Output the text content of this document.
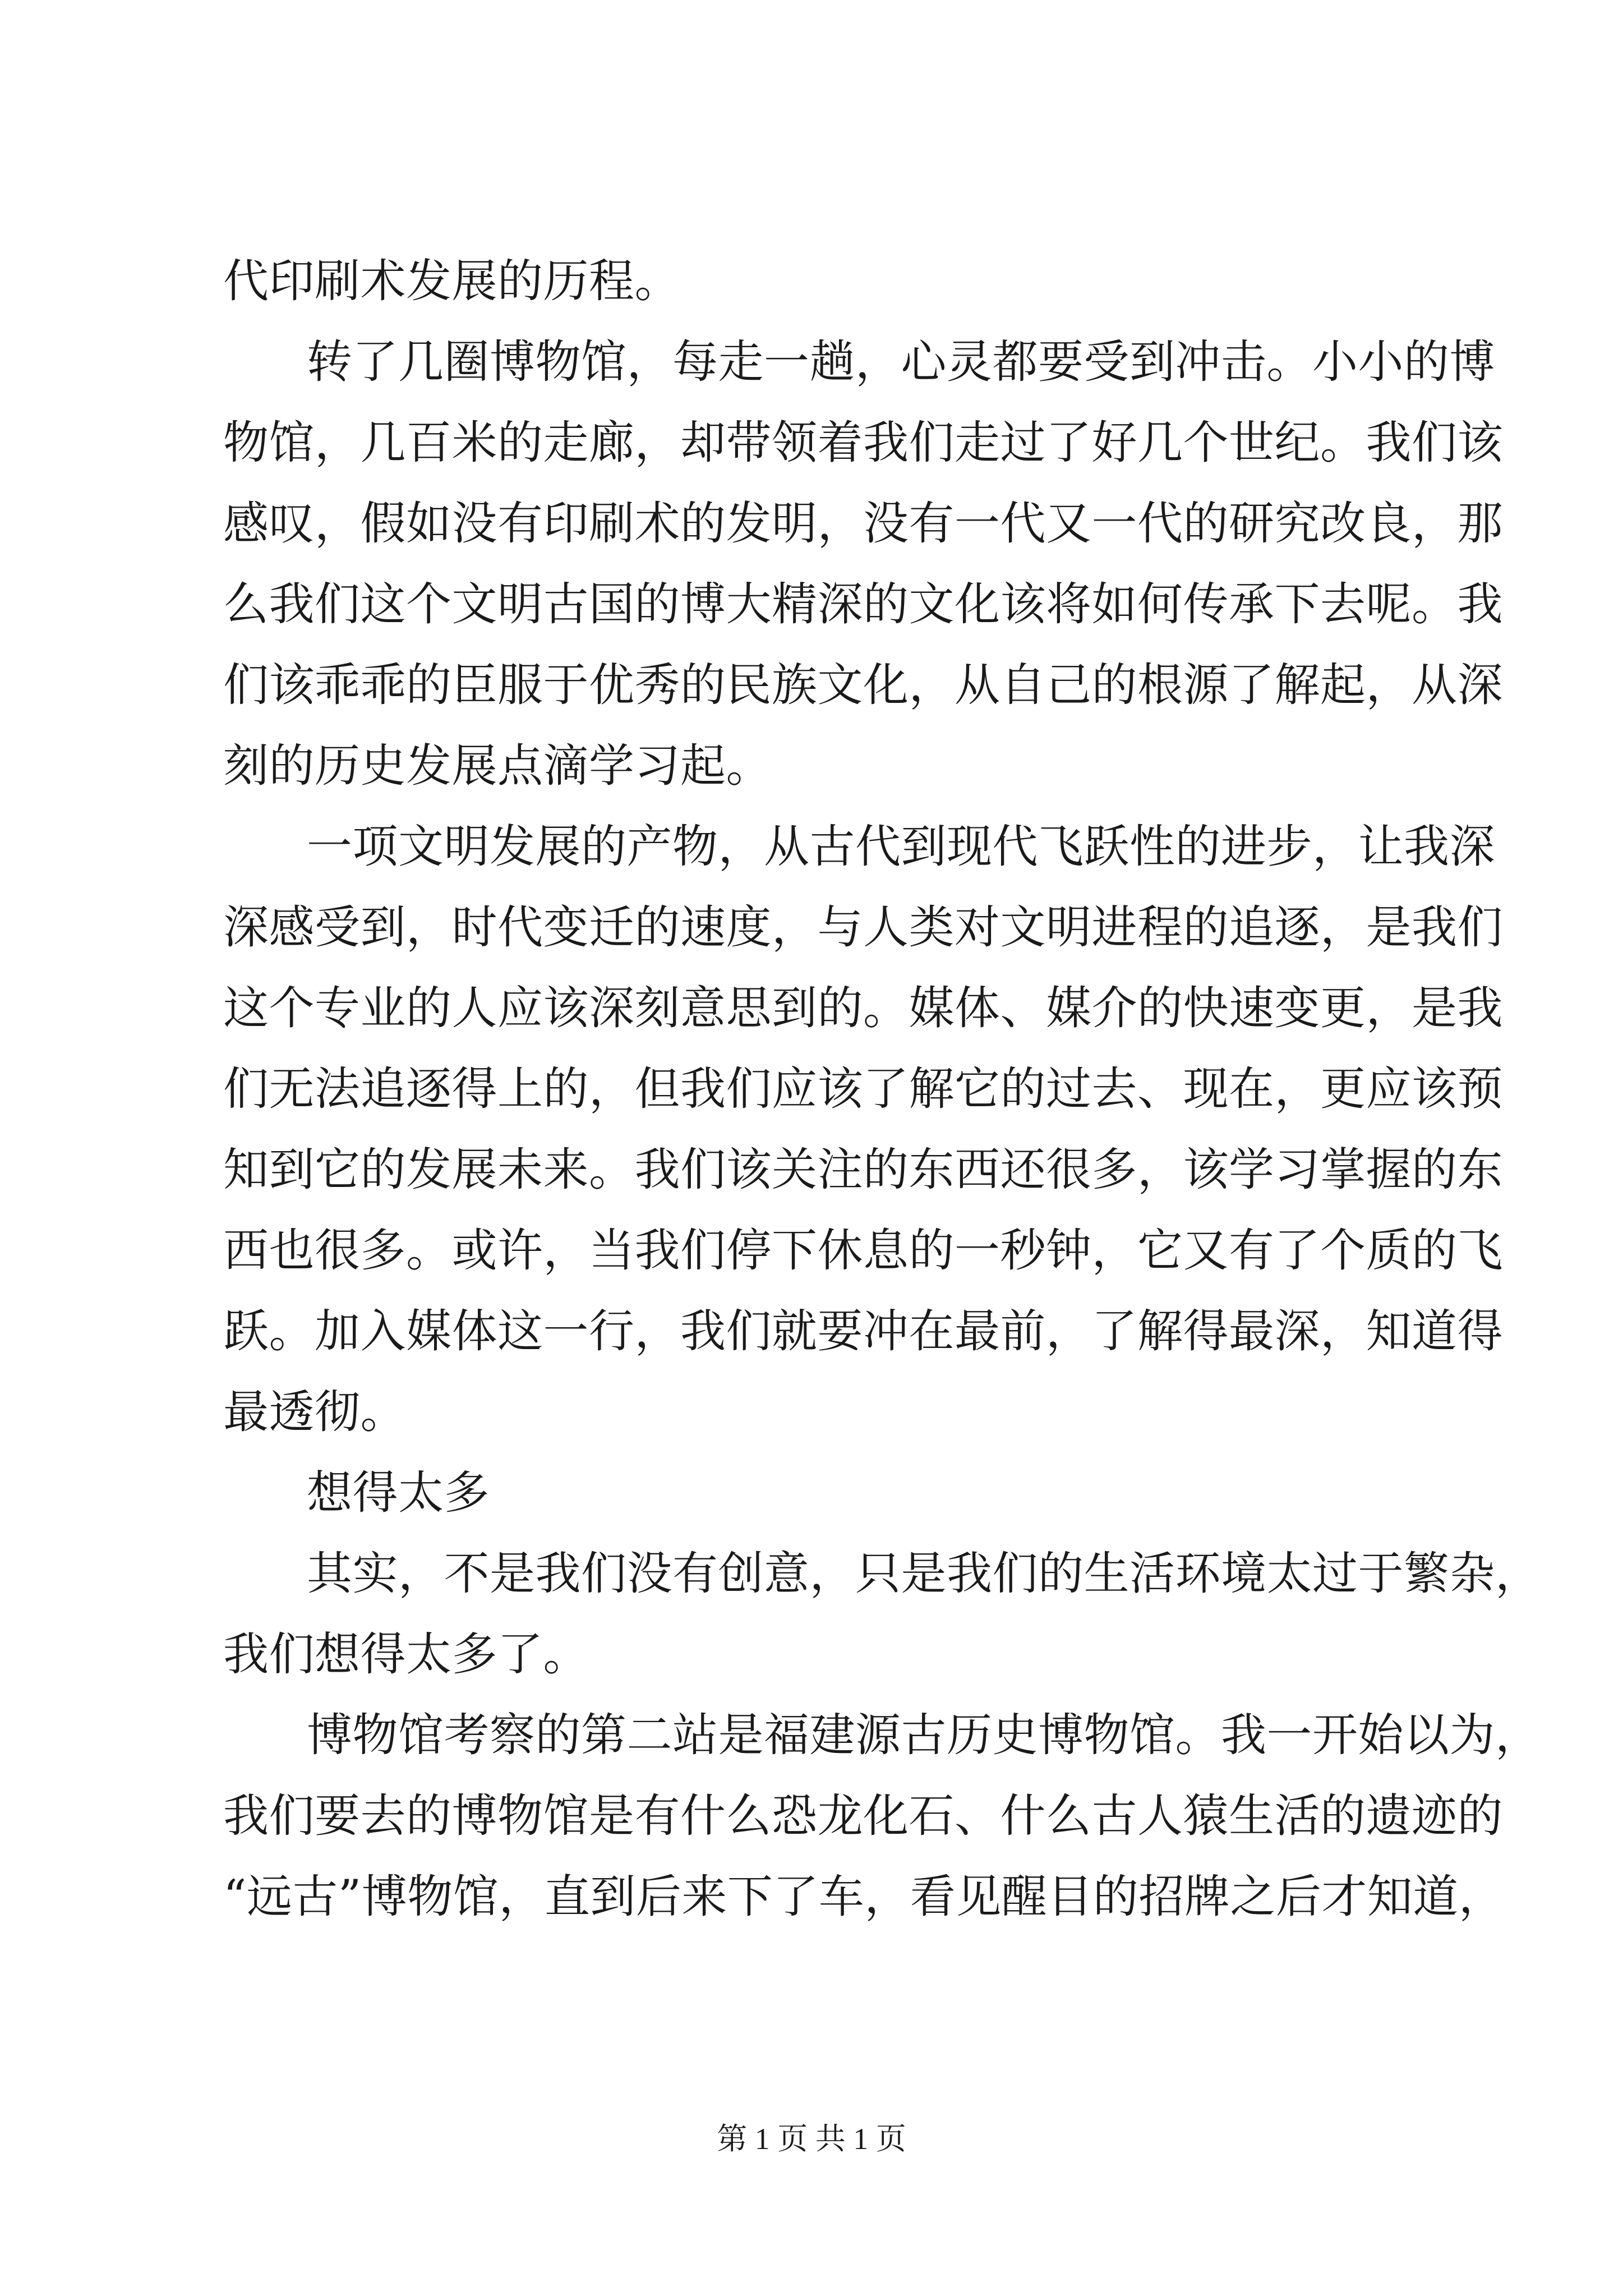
代印刷术发展的历程。
转了几圈博物馆，每走一趟，心灵都要受到冲击。小小的博
物馆，几百米的走廊，却带领着我们走过了好几个世纪。我们该
感叹，假如没有印刷术的发明，没有一代又一代的研究改良，那
么我们这个文明古国的博大精深的文化该将如何传承下去呢。我
们该乖乖的臣服于优秀的民族文化，从自己的根源了解起，从深
刻的历史发展点滴学习起。
一项文明发展的产物，从古代到现代飞跃性的进步，让我深
深感受到，时代变迁的速度，与人类对文明进程的追逐，是我们
这个专业的人应该深刻意思到的。媒体、媒介的快速变更，是我
们无法追逐得上的，但我们应该了解它的过去、现在，更应该预
知到它的发展未来。我们该关注的东西还很多，该学习掌握的东
西也很多。或许，当我们停下休息的一秒钟，它又有了个质的飞
跃。加入媒体这一行，我们就要冲在最前，了解得最深，知道得
最透彻。
想得太多
其实，不是我们没有创意，只是我们的生活环境太过于繁杂，
我们想得太多了。
博物馆考察的第二站是福建源古历史博物馆。我一开始以为，
我们要去的博物馆是有什么恐龙化石、什么古人猿生活的遗迹的
“远古”博物馆，直到后来下了车，看见醒目的招牌之后才知道，
第 1 页 共 1 页
